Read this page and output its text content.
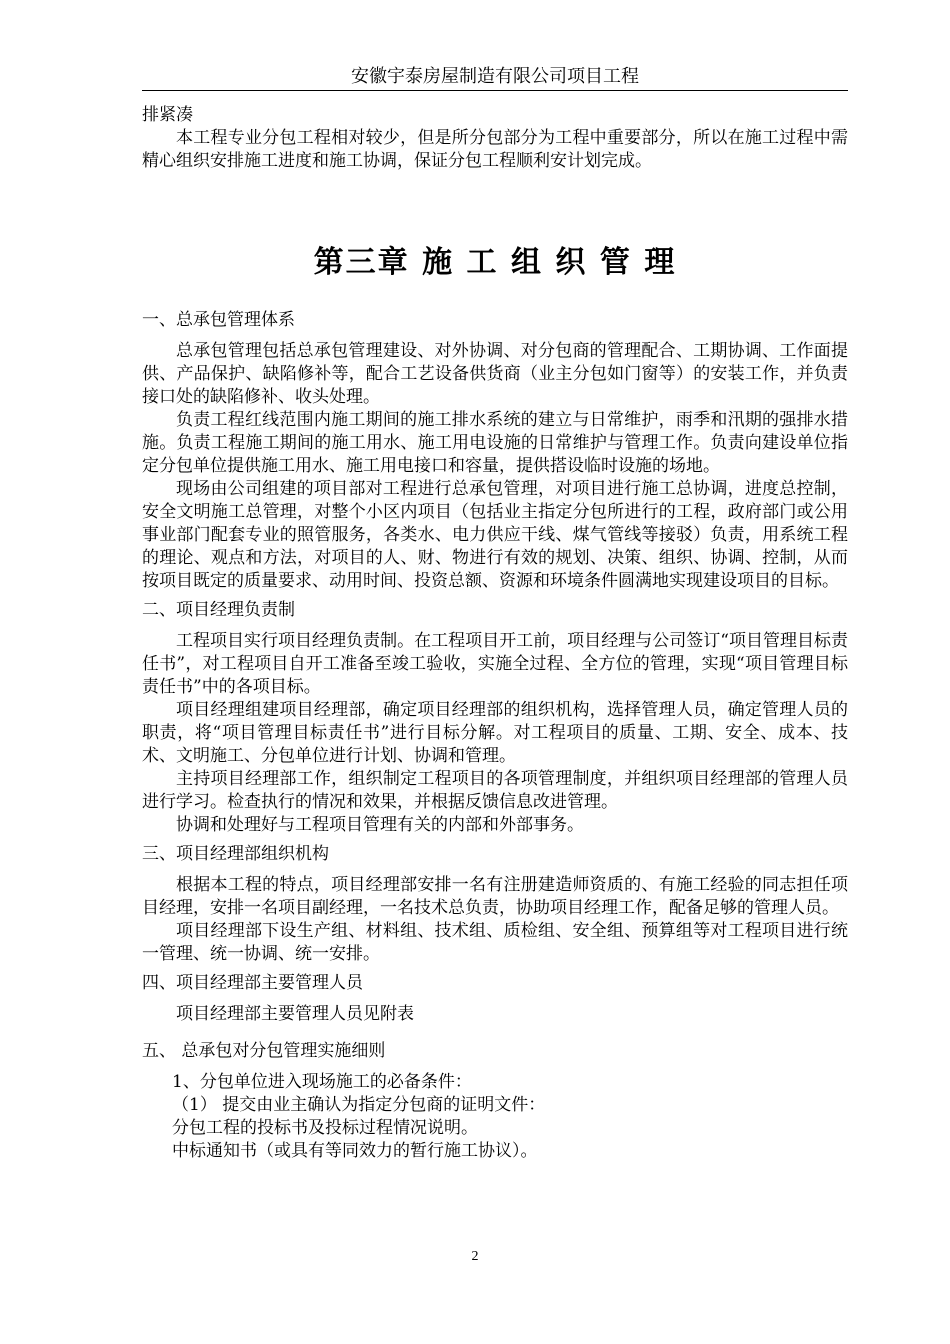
安徽宇泰房屋制造有限公司项目工程

排紧凑

本工程专业分包工程相对较少，但是所分包部分为工程中重要部分，所以在施工过程中需精心组织安排施工进度和施工协调，保证分包工程顺利安计划完成。

第三章 施 工 组 织 管 理

一、总承包管理体系

总承包管理包括总承包管理建设、对外协调、对分包商的管理配合、工期协调、工作面提供、产品保护、缺陷修补等，配合工艺设备供货商（业主分包如门窗等）的安装工作，并负责接口处的缺陷修补、收头处理。

负责工程红线范围内施工期间的施工排水系统的建立与日常维护，雨季和汛期的强排水措施。负责工程施工期间的施工用水、施工用电设施的日常维护与管理工作。负责向建设单位指定分包单位提供施工用水、施工用电接口和容量，提供搭设临时设施的场地。

现场由公司组建的项目部对工程进行总承包管理，对项目进行施工总协调，进度总控制，安全文明施工总管理，对整个小区内项目（包括业主指定分包所进行的工程，政府部门或公用事业部门配套专业的照管服务，各类水、电力供应干线、煤气管线等接驳）负责，用系统工程的理论、观点和方法，对项目的人、财、物进行有效的规划、决策、组织、协调、控制，从而按项目既定的质量要求、动用时间、投资总额、资源和环境条件圆满地实现建设项目的目标。

二、项目经理负责制

工程项目实行项目经理负责制。在工程项目开工前，项目经理与公司签订“项目管理目标责任书”，对工程项目自开工准备至竣工验收，实施全过程、全方位的管理，实现“项目管理目标责任书”中的各项目标。

项目经理组建项目经理部，确定项目经理部的组织机构，选择管理人员，确定管理人员的职责，将“项目管理目标责任书”进行目标分解。对工程项目的质量、工期、安全、成本、技术、文明施工、分包单位进行计划、协调和管理。

主持项目经理部工作，组织制定工程项目的各项管理制度，并组织项目经理部的管理人员进行学习。检查执行的情况和效果，并根据反馈信息改进管理。

协调和处理好与工程项目管理有关的内部和外部事务。

三、项目经理部组织机构

根据本工程的特点，项目经理部安排一名有注册建造师资质的、有施工经验的同志担任项目经理，安排一名项目副经理，一名技术总负责，协助项目经理工作，配备足够的管理人员。

项目经理部下设生产组、材料组、技术组、质检组、安全组、预算组等对工程项目进行统一管理、统一协调、统一安排。

四、项目经理部主要管理人员

项目经理部主要管理人员见附表

五、 总承包对分包管理实施细则

1、分包单位进入现场施工的必备条件：

（1） 提交由业主确认为指定分包商的证明文件：

分包工程的投标书及投标过程情况说明。

中标通知书（或具有等同效力的暂行施工协议）。

2
